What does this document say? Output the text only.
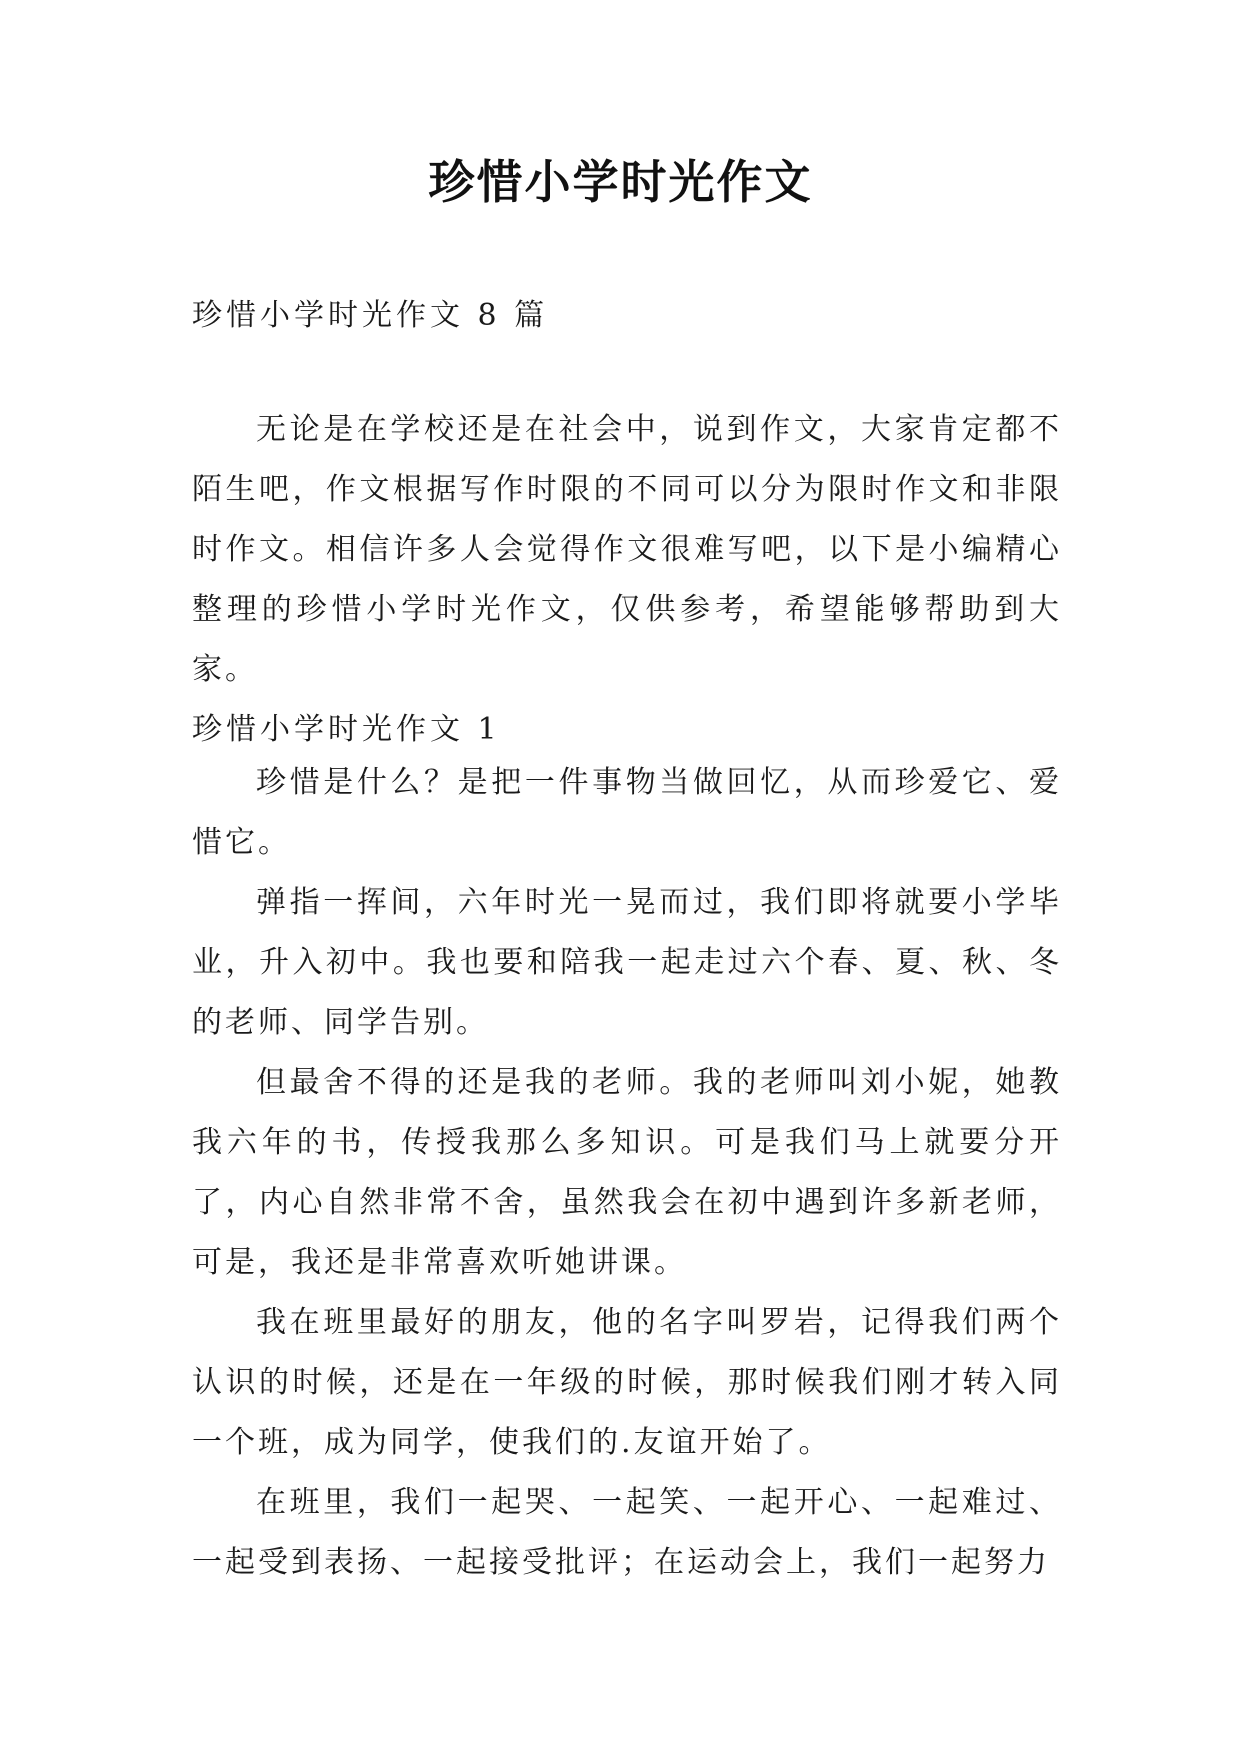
珍惜小学时光作文
珍惜小学时光作文 8 篇

无论是在学校还是在社会中，说到作文，大家肯定都不陌生吧，作文根据写作时限的不同可以分为限时作文和非限时作文。相信许多人会觉得作文很难写吧，以下是小编精心整理的珍惜小学时光作文，仅供参考，希望能够帮助到大家。

珍惜小学时光作文 1

珍惜是什么？是把一件事物当做回忆，从而珍爱它、爱惜它。

弹指一挥间，六年时光一晃而过，我们即将就要小学毕业，升入初中。我也要和陪我一起走过六个春、夏、秋、冬的老师、同学告别。

但最舍不得的还是我的老师。我的老师叫刘小妮，她教我六年的书，传授我那么多知识。可是我们马上就要分开了，内心自然非常不舍，虽然我会在初中遇到许多新老师，可是，我还是非常喜欢听她讲课。

我在班里最好的朋友，他的名字叫罗岩，记得我们两个认识的时候，还是在一年级的时候，那时候我们刚才转入同一个班，成为同学，使我们的.友谊开始了。

在班里，我们一起哭、一起笑、一起开心、一起难过、一起受到表扬、一起接受批评；在运动会上，我们一起努力
